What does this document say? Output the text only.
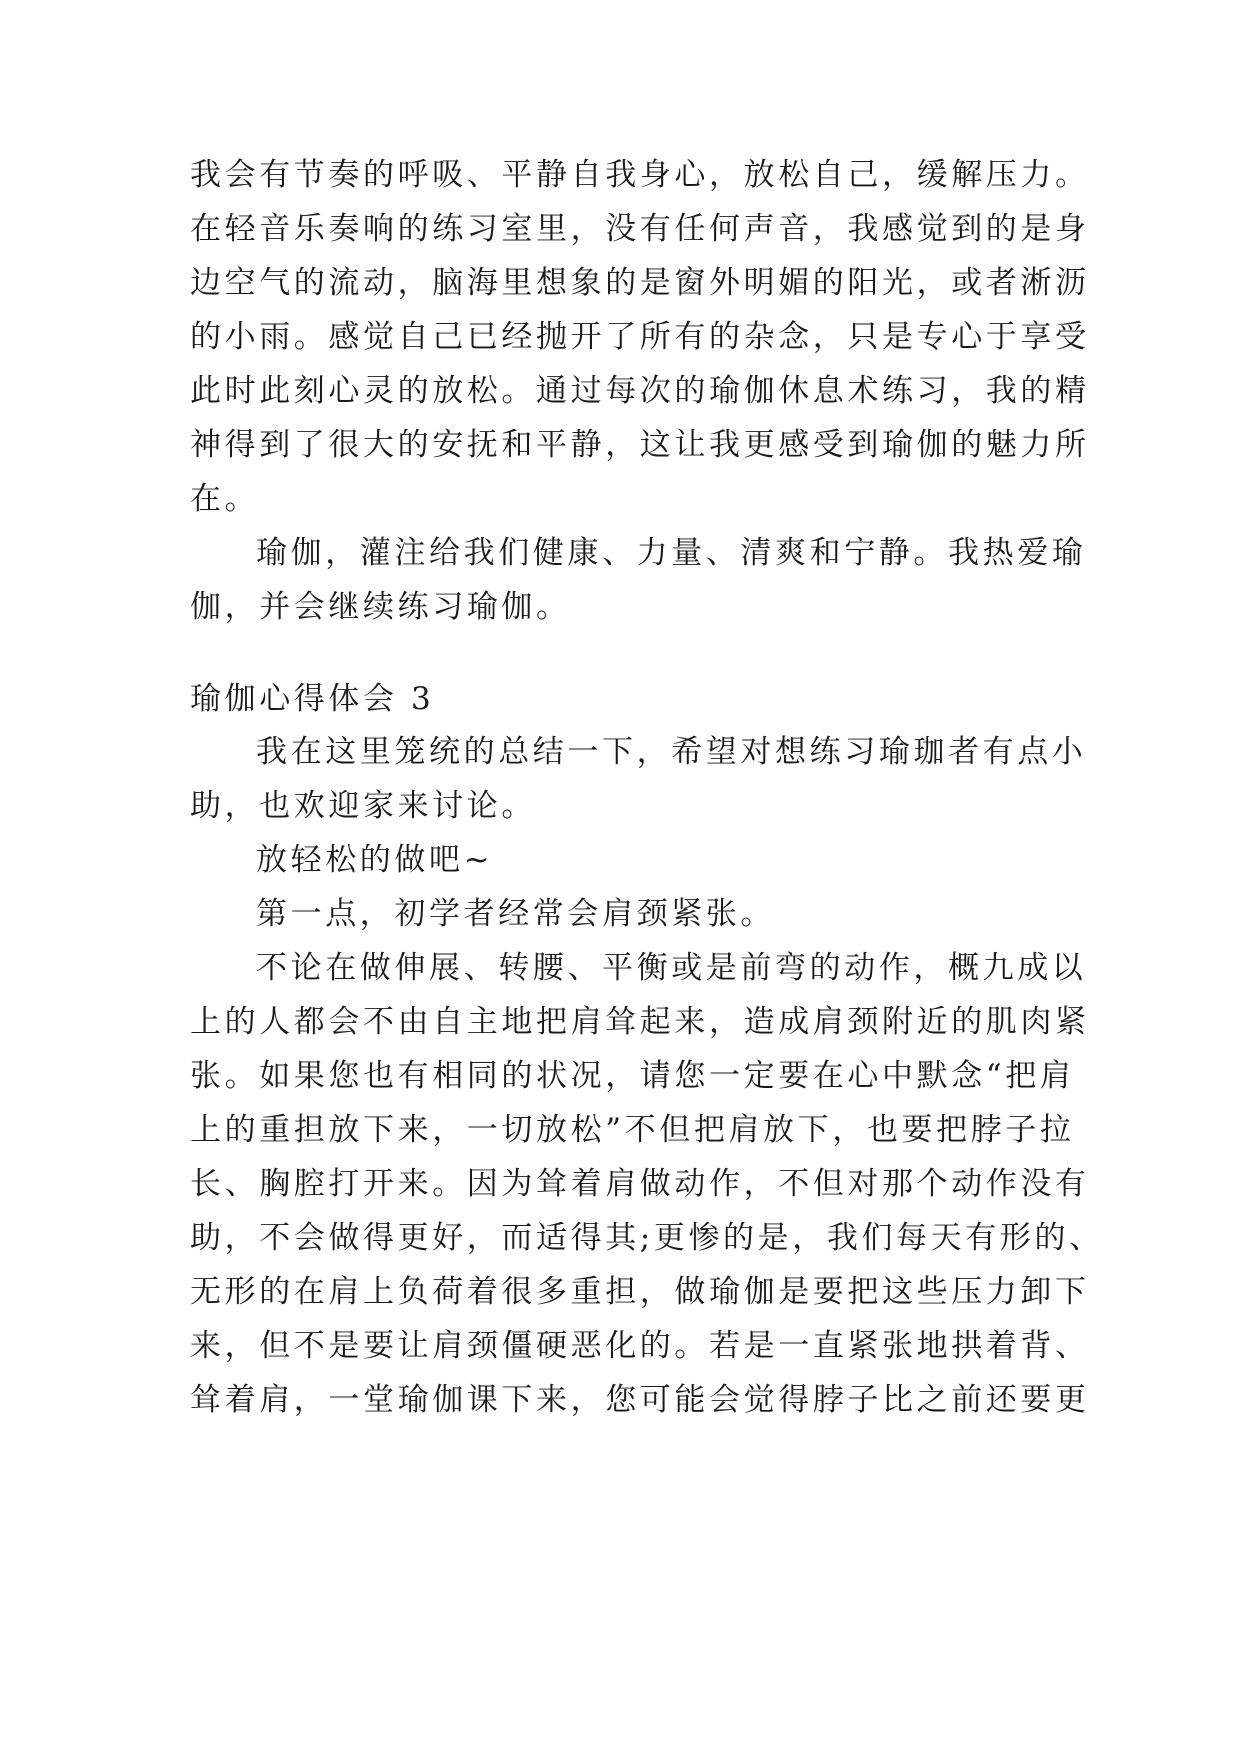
我会有节奏的呼吸、平静自我身心，放松自己，缓解压力。
在轻音乐奏响的练习室里，没有任何声音，我感觉到的是身
边空气的流动，脑海里想象的是窗外明媚的阳光，或者淅沥
的小雨。感觉自己已经抛开了所有的杂念，只是专心于享受
此时此刻心灵的放松。通过每次的瑜伽休息术练习，我的精
神得到了很大的安抚和平静，这让我更感受到瑜伽的魅力所
在。
瑜伽，灌注给我们健康、力量、清爽和宁静。我热爱瑜
伽，并会继续练习瑜伽。
瑜伽心得体会 3
我在这里笼统的总结一下，希望对想练习瑜珈者有点小
助，也欢迎家来讨论。
放轻松的做吧~
第一点，初学者经常会肩颈紧张。
不论在做伸展、转腰、平衡或是前弯的动作，概九成以
上的人都会不由自主地把肩耸起来，造成肩颈附近的肌肉紧
张。如果您也有相同的状况，请您一定要在心中默念“把肩
上的重担放下来，一切放松”不但把肩放下，也要把脖子拉
长、胸腔打开来。因为耸着肩做动作，不但对那个动作没有
助，不会做得更好，而适得其;更惨的是，我们每天有形的、
无形的在肩上负荷着很多重担，做瑜伽是要把这些压力卸下
来，但不是要让肩颈僵硬恶化的。若是一直紧张地拱着背、
耸着肩，一堂瑜伽课下来，您可能会觉得脖子比之前还要更
